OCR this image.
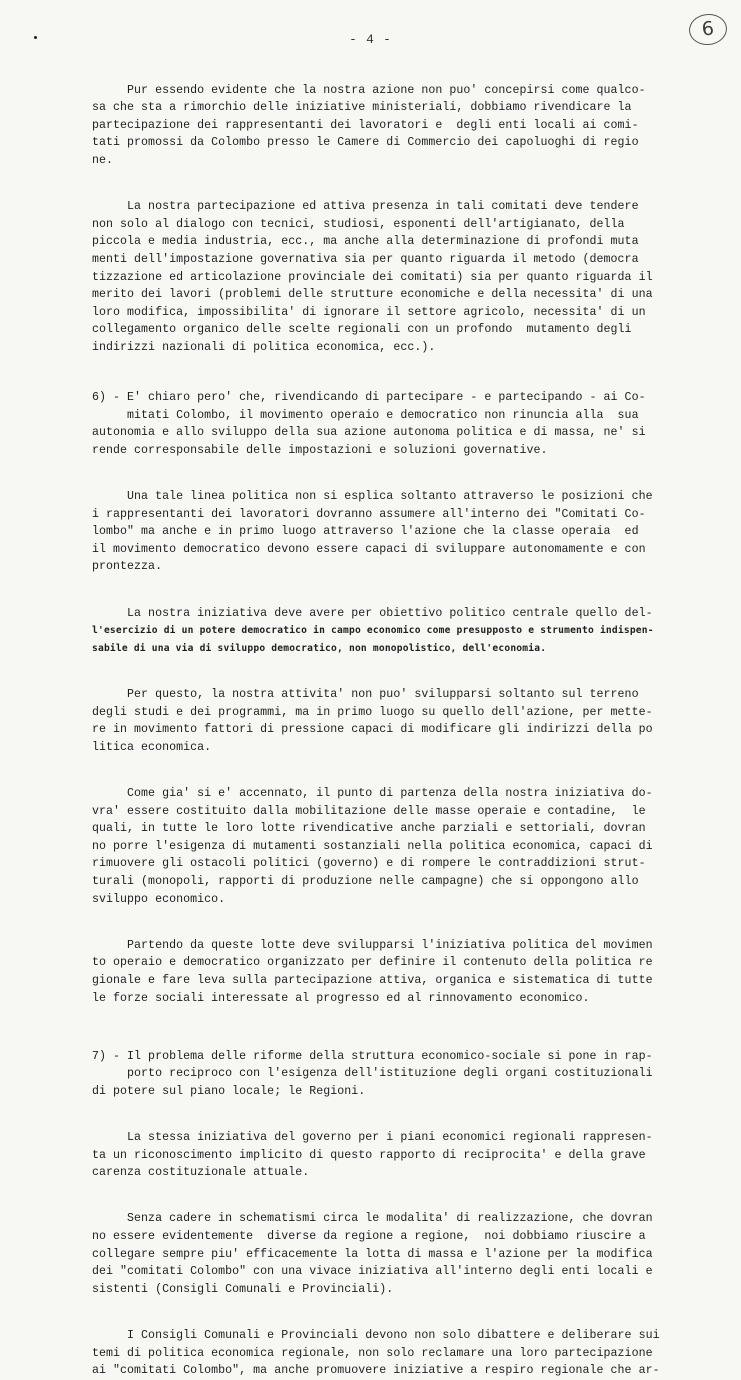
- 4 -	6

Pur essendo evidente che la nostra azione non puo' concepirsi come qualco-
sa che sta a rimorchio delle iniziative ministeriali, dobbiamo rivendicare la
partecipazione dei rappresentanti dei lavoratori e  degli enti locali ai comi-
tati promossi da Colombo presso le Camere di Commercio dei capoluoghi di regio
ne.

La nostra partecipazione ed attiva presenza in tali comitati deve tendere
non solo al dialogo con tecnici, studiosi, esponenti dell'artigianato, della
piccola e media industria, ecc., ma anche alla determinazione di profondi muta
menti dell'impostazione governativa sia per quanto riguarda il metodo (democra
tizzazione ed articolazione provinciale dei comitati) sia per quanto riguarda il
merito dei lavori (problemi delle strutture economiche e della necessita' di una
loro modifica, impossibilita' di ignorare il settore agricolo, necessita' di un
collegamento organico delle scelte regionali con un profondo  mutamento degli
indirizzi nazionali di politica economica, ecc.).

6) - E' chiaro pero' che, rivendicando di partecipare - e partecipando - ai Co-
mitati Colombo, il movimento operaio e democratico non rinuncia alla  sua
autonomia e allo sviluppo della sua azione autonoma politica e di massa, ne' si
rende corresponsabile delle impostazioni e soluzioni governative.

Una tale linea politica non si esplica soltanto attraverso le posizioni che
i rappresentanti dei lavoratori dovranno assumere all'interno dei "Comitati Co-
lombo" ma anche e in primo luogo attraverso l'azione che la classe operaia  ed
il movimento democratico devono essere capaci di sviluppare autonomamente e con
prontezza.

La nostra iniziativa deve avere per obiettivo politico centrale quello del-
l'esercizio di un potere democratico in campo economico come presupposto e strumento indispen-
sabile di una via di sviluppo democratico, non monopolistico, dell'economia.

Per questo, la nostra attivita' non puo' svilupparsi soltanto sul terreno
degli studi e dei programmi, ma in primo luogo su quello dell'azione, per mette-
re in movimento fattori di pressione capaci di modificare gli indirizzi della po
litica economica.

Come gia' si e' accennato, il punto di partenza della nostra iniziativa do-
vra' essere costituito dalla mobilitazione delle masse operaie e contadine,  le
quali, in tutte le loro lotte rivendicative anche parziali e settoriali, dovran
no porre l'esigenza di mutamenti sostanziali nella politica economica, capaci di
rimuovere gli ostacoli politici (governo) e di rompere le contraddizioni strut-
turali (monopoli, rapporti di produzione nelle campagne) che si oppongono allo
sviluppo economico.

Partendo da queste lotte deve svilupparsi l'iniziativa politica del movimen
to operaio e democratico organizzato per definire il contenuto della politica re
gionale e fare leva sulla partecipazione attiva, organica e sistematica di tutte
le forze sociali interessate al progresso ed al rinnovamento economico.

7) - Il problema delle riforme della struttura economico-sociale si pone in rap-
porto reciproco con l'esigenza dell'istituzione degli organi costituzionali
di potere sul piano locale; le Regioni.

La stessa iniziativa del governo per i piani economici regionali rappresen-
ta un riconoscimento implicito di questo rapporto di reciprocita' e della grave
carenza costituzionale attuale.

Senza cadere in schematismi circa le modalita' di realizzazione, che dovran
no essere evidentemente  diverse da regione a regione,  noi dobbiamo riuscire a
collegare sempre piu' efficacemente la lotta di massa e l'azione per la modifica
dei "comitati Colombo" con una vivace iniziativa all'interno degli enti locali e
sistenti (Consigli Comunali e Provinciali).

I Consigli Comunali e Provinciali devono non solo dibattere e deliberare sui
temi di politica economica regionale, non solo reclamare una loro partecipazione
ai "comitati Colombo", ma anche promuovere iniziative a respiro regionale che ar-
